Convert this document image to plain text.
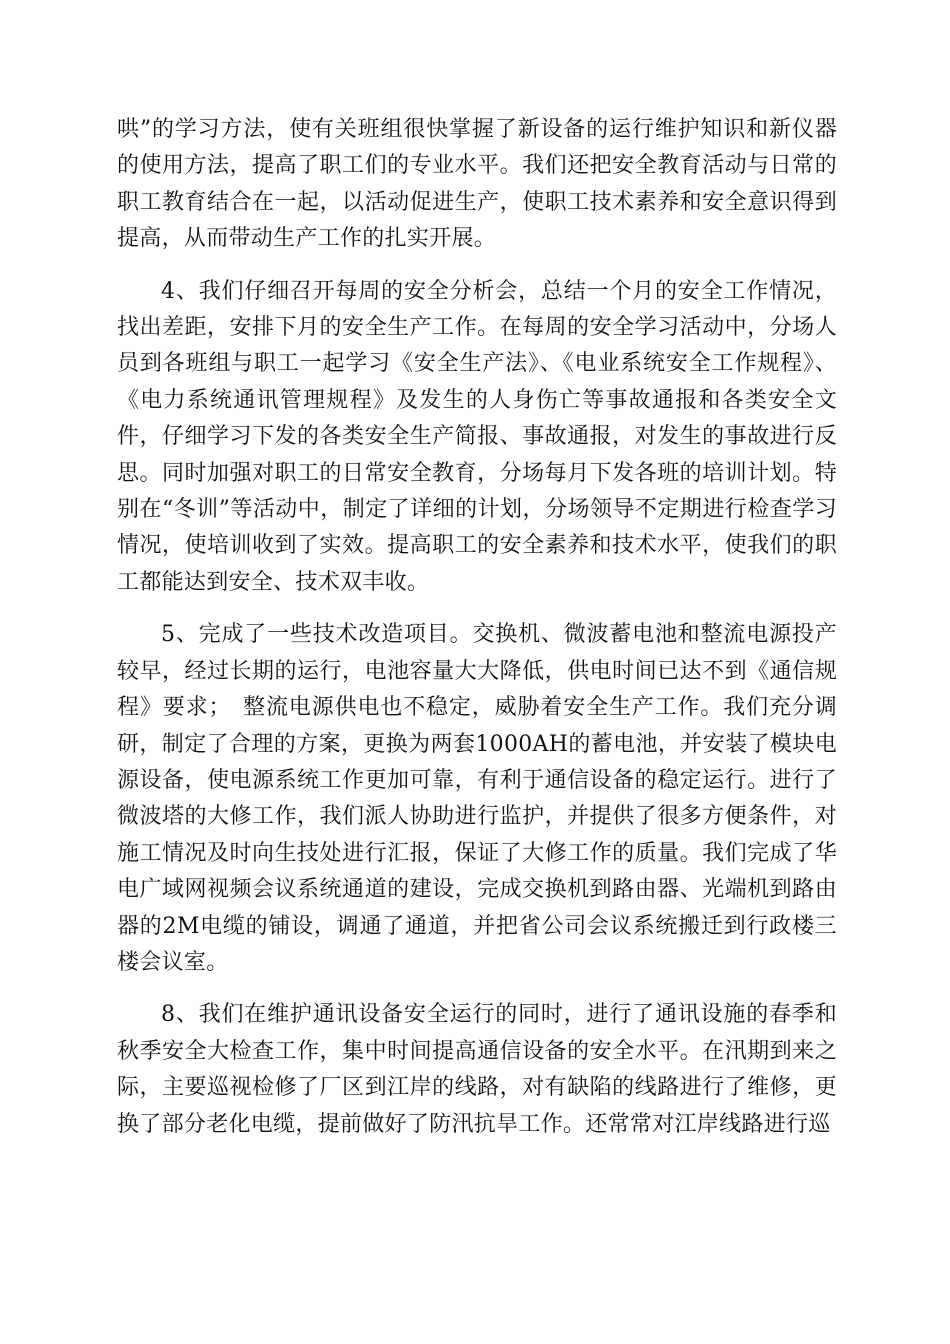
哄”的学习方法，使有关班组很快掌握了新设备的运行维护知识和新仪器的使用方法，提高了职工们的专业水平。我们还把安全教育活动与日常的职工教育结合在一起，以活动促进生产，使职工技术素养和安全意识得到提高，从而带动生产工作的扎实开展。

4、我们仔细召开每周的安全分析会，总结一个月的安全工作情况，找出差距，安排下月的安全生产工作。在每周的安全学习活动中，分场人员到各班组与职工一起学习《安全生产法》、《电业系统安全工作规程》、《电力系统通讯管理规程》及发生的人身伤亡等事故通报和各类安全文件，仔细学习下发的各类安全生产简报、事故通报，对发生的事故进行反思。同时加强对职工的日常安全教育，分场每月下发各班的培训计划。特别在“冬训”等活动中，制定了详细的计划，分场领导不定期进行检查学习情况，使培训收到了实效。提高职工的安全素养和技术水平，使我们的职工都能达到安全、技术双丰收。

5、完成了一些技术改造项目。交换机、微波蓄电池和整流电源投产较早，经过长期的运行，电池容量大大降低，供电时间已达不到《通信规程》要求；　整流电源供电也不稳定，威胁着安全生产工作。我们充分调研，制定了合理的方案，更换为两套1000AH的蓄电池，并安装了模块电源设备，使电源系统工作更加可靠，有利于通信设备的稳定运行。进行了微波塔的大修工作，我们派人协助进行监护，并提供了很多方便条件，对施工情况及时向生技处进行汇报，保证了大修工作的质量。我们完成了华电广域网视频会议系统通道的建设，完成交换机到路由器、光端机到路由器的2M电缆的铺设，调通了通道，并把省公司会议系统搬迁到行政楼三楼会议室。

8、我们在维护通讯设备安全运行的同时，进行了通讯设施的春季和秋季安全大检查工作，集中时间提高通信设备的安全水平。在汛期到来之际，主要巡视检修了厂区到江岸的线路，对有缺陷的线路进行了维修，更换了部分老化电缆，提前做好了防汛抗旱工作。还常常对江岸线路进行巡
